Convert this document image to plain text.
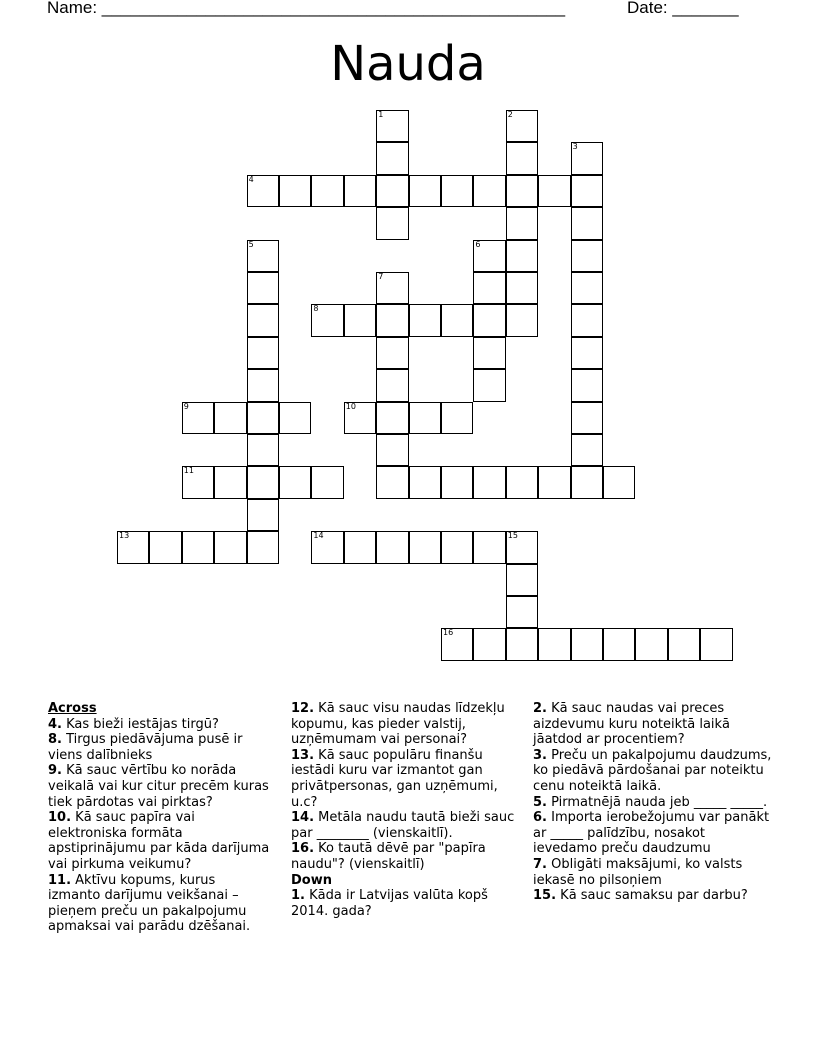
Name: _________________________________________________	Date: _______
Nauda
1	2
3
4
5	6
7
8
9	10
11
13	14	15
16
Across

4. Kas bieži iestājas tirgū?

8. Tirgus piedāvājuma pusē ir viens dalībnieks

9. Kā sauc vērtību ko norāda veikalā vai kur citur precēm kuras tiek pārdotas vai pirktas?

10. Kā sauc papīra vai elektroniska formāta apstiprinājumu par kāda darījuma vai pirkuma veikumu?

11. Aktīvu kopums, kurus izmanto darījumu veikšanai – pieņem preču un pakalpojumu apmaksai vai parādu dzēšanai.

12. Kā sauc visu naudas līdzekļu kopumu, kas pieder valstij, uzņēmumam vai personai?

13. Kā sauc populāru finanšu iestādi kuru var izmantot gan privātpersonas, gan uzņēmumi, u.c?

14. Metāla naudu tautā bieži sauc par ________ (vienskaitlī).

16. Ko tautā dēvē par "papīra naudu"? (vienskaitlī)

Down

1. Kāda ir Latvijas valūta kopš 2014. gada?

2. Kā sauc naudas vai preces aizdevumu kuru noteiktā laikā jāatdod ar procentiem?

3. Preču un pakalpojumu daudzums, ko piedāvā pārdošanai par noteiktu cenu noteiktā laikā.

5. Pirmatnējā nauda jeb _____ _____.

6. Importa ierobežojumu var panākt ar _____ palīdzību, nosakot ievedamo preču daudzumu

7. Obligāti maksājumi, ko valsts iekasē no pilsoņiem

15. Kā sauc samaksu par darbu?
